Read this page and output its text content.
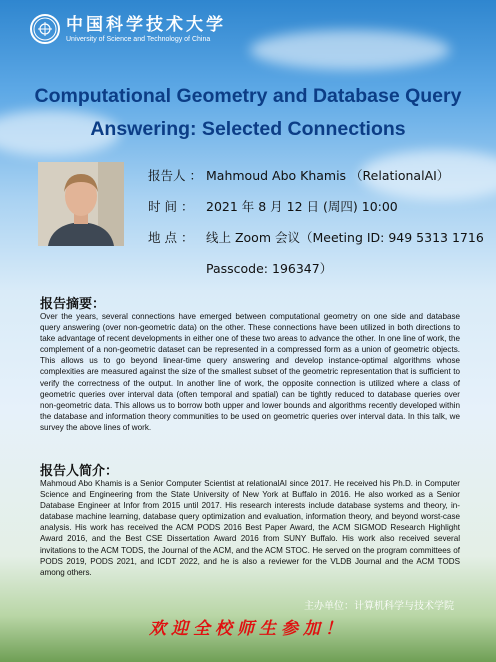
中国科学技术大学
University of Science and Technology of China
Computational Geometry and Database Query
Answering: Selected Connections
报告人 ： Mahmoud Abo Khamis （RelationalAI）
时 间 ： 2021 年 8 月 12 日 (周四) 10:00
地 点 ： 线上 Zoom 会议（Meeting ID: 949 5313 1716
Passcode: 196347）
报告摘要：
Over the years, several connections have emerged between computational geometry on one side and database query answering (over non-geometric data) on the other. These connections have been utilized in both directions to take advantage of recent developments in either one of these two areas to advance the other. In one line of work, the complement of a non-geometric dataset can be represented in a compressed form as a union of geometric objects. This allows us to go beyond linear-time query answering and develop instance-optimal algorithms whose complexities are measured against the size of the smallest subset of the geometric representation that is sufficient to verify the correctness of the output. In another line of work, the opposite connection is utilized where a class of geometric queries over interval data (often temporal and spatial) can be tightly reduced to database queries over non-geometric data. This allows us to borrow both upper and lower bounds and algorithms recently developed within the database and information theory communities to be used on geometric queries over interval data. In this talk, we survey the above lines of work.
报告人简介：
Mahmoud Abo Khamis is a Senior Computer Scientist at relationalAI since 2017. He received his Ph.D. in Computer Science and Engineering from the State University of New York at Buffalo in 2016. He also worked as a Senior Database Engineer at Infor from 2015 until 2017. His research interests include database systems and theory, in-database machine learning, database query optimization and evaluation, information theory, and beyond worst-case analysis. His work has received the ACM PODS 2016 Best Paper Award, the ACM SIGMOD Research Highlight Award 2016, and the Best CSE Dissertation Award 2016 from SUNY Buffalo. His work also received several invitations to the ACM TODS, the Journal of the ACM, and the ACM STOC. He served on the program committees of PODS 2019, PODS 2021, and ICDT 2022, and he is also a reviewer for the VLDB Journal and the ACM TODS among others.
主办单位：计算机科学与技术学院
欢迎全校师生参加！
